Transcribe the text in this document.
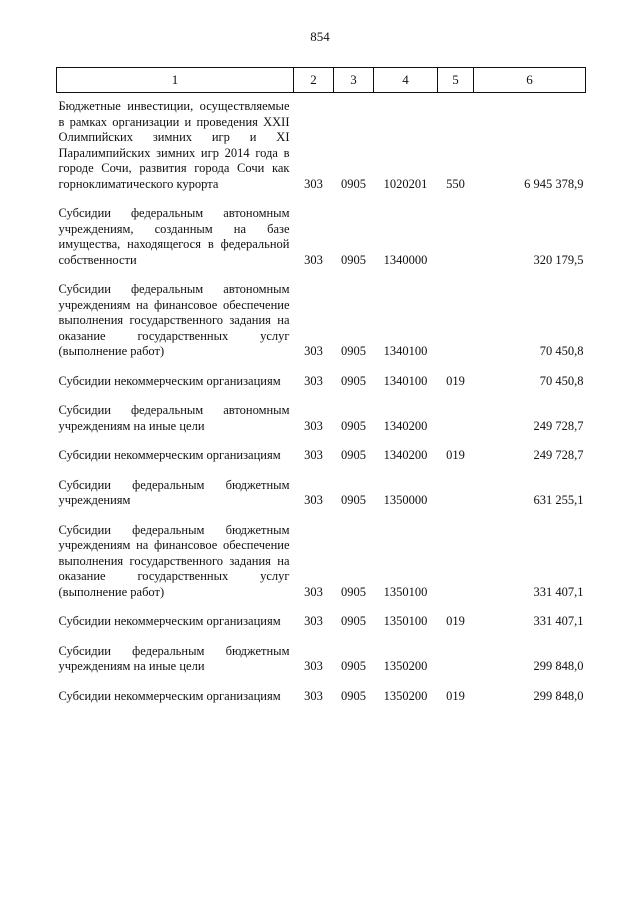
854
1	2	3	4	5	6
Бюджетные инвестиции, осуществляемые в рамках организации и проведения XXII Олимпийских зимних игр и XI Паралимпийских зимних игр 2014 года в городе Сочи, развития города Сочи как горноклиматического курорта	303	0905	1020201	550	6 945 378,9
Субсидии федеральным автономным учреждениям, созданным на базе имущества, находящегося в федеральной собственности	303	0905	1340000		320 179,5
Субсидии федеральным автономным учреждениям на финансовое обеспечение выполнения государственного задания на оказание государственных услуг (выполнение работ)	303	0905	1340100		70 450,8
Субсидии некоммерческим организациям	303	0905	1340100	019	70 450,8
Субсидии федеральным автономным учреждениям на иные цели	303	0905	1340200		249 728,7
Субсидии некоммерческим организациям	303	0905	1340200	019	249 728,7
Субсидии федеральным бюджетным учреждениям	303	0905	1350000		631 255,1
Субсидии федеральным бюджетным учреждениям на финансовое обеспечение выполнения государственного задания на оказание государственных услуг (выполнение работ)	303	0905	1350100		331 407,1
Субсидии некоммерческим организациям	303	0905	1350100	019	331 407,1
Субсидии федеральным бюджетным учреждениям на иные цели	303	0905	1350200		299 848,0
Субсидии некоммерческим организациям	303	0905	1350200	019	299 848,0
